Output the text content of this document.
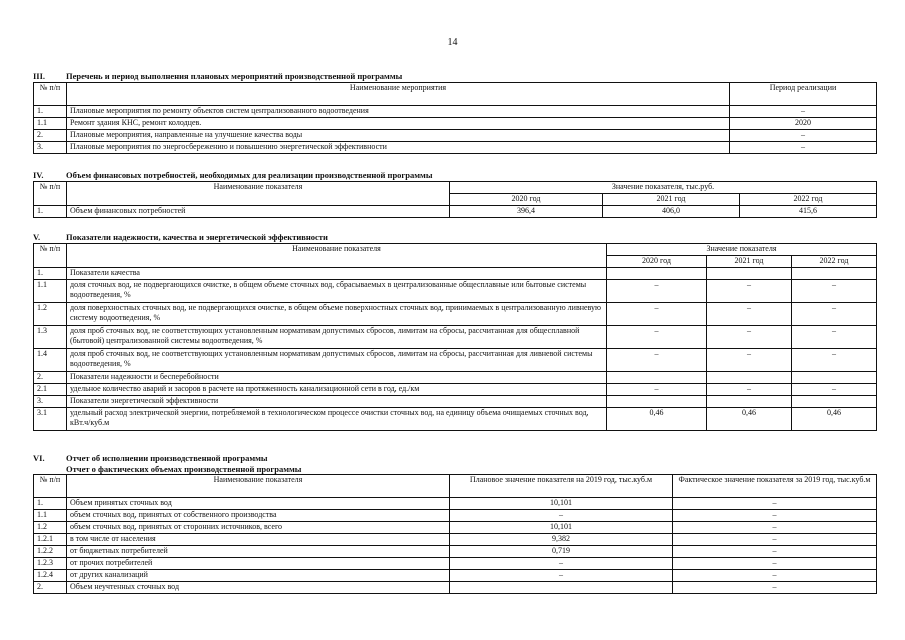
14
III. Перечень и период выполнения плановых мероприятий производственной программы
№ п/п	Наименование мероприятия	Период реализации
1.	Плановые мероприятия по ремонту объектов систем централизованного водоотведения	–
1.1	Ремонт здания КНС, ремонт колодцев.	2020
2.	Плановые мероприятия, направленные на улучшение качества воды	–
3.	Плановые мероприятия по энергосбережению и повышению энергетической эффективности	–
IV.	Объем финансовых потребностей, необходимых для реализации производственной программы
№ п/п	Наименование показателя	Значение показателя, тыс.руб.		
		2020 год	2021 год	2022 год
1.	Объем финансовых потребностей	396,4	406,0	415,6
V.	Показатели надежности, качества и энергетической эффективности
№ п/п	Наименование показателя	Значение показателя		
		2020 год	2021 год	2022 год
1.	Показатели качества			
1.1	доля сточных вод, не подвергающихся очистке, в общем объеме сточных вод, сбрасываемых в централизованные общесплавные или бытовые системы водоотведения, %	–	–	–
1.2	доля поверхностных сточных вод, не подвергающихся очистке, в общем объеме поверхностных сточных вод, принимаемых в централизованную ливневую систему водоотведения, %	–	–	–
1.3	доля проб сточных вод, не соответствующих установленным нормативам допустимых сбросов, лимитам на сбросы, рассчитанная для общесплавной (бытовой) централизованной системы водоотведения, %	–	–	–
1.4	доля проб сточных вод, не соответствующих установленным нормативам допустимых сбросов, лимитам на сбросы, рассчитанная для ливневой системы водоотведения, %	–	–	–
2.	Показатели надежности и бесперебойности			
2.1	удельное количество аварий и засоров в расчете на протяженность канализационной сети в год, ед./км	–	–	–
3.	Показатели энергетической эффективности			
3.1	удельный расход электрической энергии, потребляемой в технологическом процессе очистки сточных вод, на единицу объема очищаемых сточных вод, кВт.ч/куб.м	0,46	0,46	0,46
VI.	Отчет об исполнении производственной программы
Отчет о фактических объемах производственной программы
№ п/п	Наименование показателя	Плановое значение показателя на 2019 год, тыс.куб.м	Фактическое значение показателя за 2019 год, тыс.куб.м
1.	Объем принятых сточных вод	10,101	–
1.1	объем сточных вод, принятых от собственного производства	–	–
1.2	объем сточных вод, принятых от сторонних источников, всего	10,101	–
1.2.1	в том числе от населения	9,382	–
1.2.2	от бюджетных потребителей	0,719	–
1.2.3	от прочих потребителей	–	–
1.2.4	от других канализаций	–	–
2.	Объем неучтенных сточных вод		–
